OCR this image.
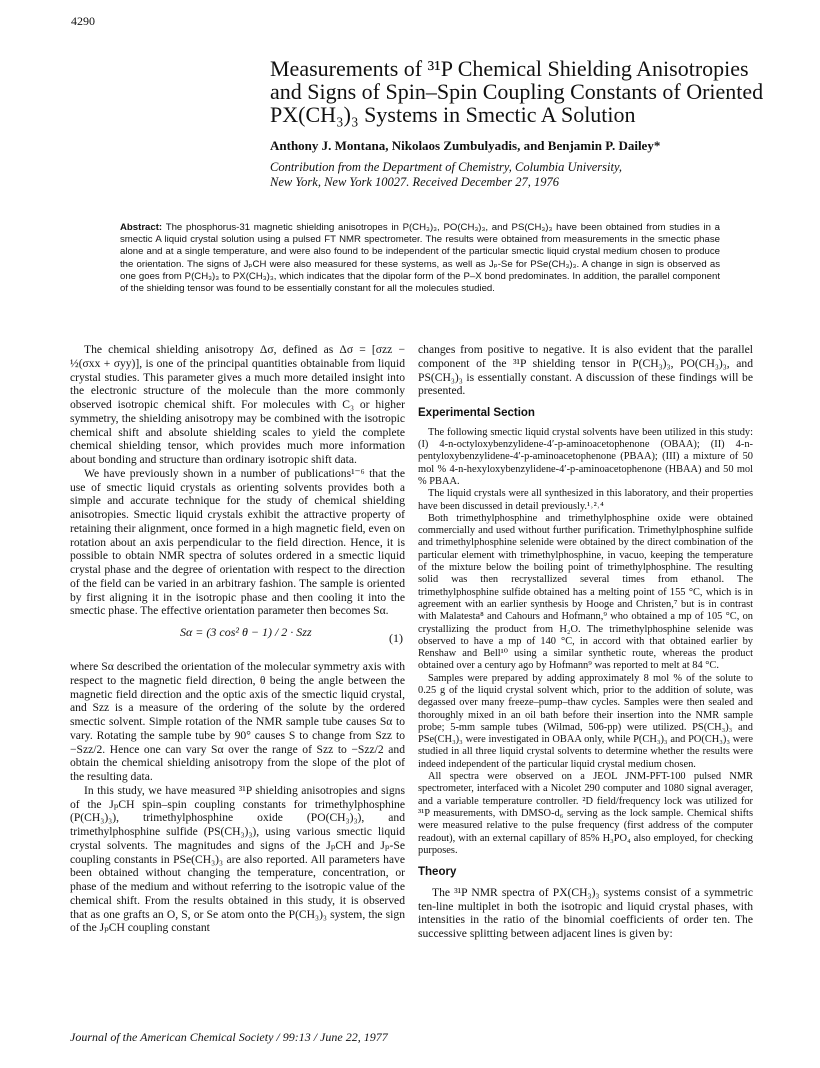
4290
Measurements of ³¹P Chemical Shielding Anisotropies and Signs of Spin–Spin Coupling Constants of Oriented PX(CH₃)₃ Systems in Smectic A Solution
Anthony J. Montana, Nikolaos Zumbulyadis, and Benjamin P. Dailey*
Contribution from the Department of Chemistry, Columbia University,
New York, New York 10027. Received December 27, 1976
Abstract: The phosphorus-31 magnetic shielding anisotropes in P(CH₃)₃, PO(CH₃)₃, and PS(CH₃)₃ have been obtained from studies in a smectic A liquid crystal solution using a pulsed FT NMR spectrometer. The results were obtained from measurements in the smectic phase alone and at a single temperature, and were also found to be independent of the particular smectic liquid crystal medium chosen to produce the orientation. The signs of JₚCH were also measured for these systems, as well as Jₚ-Se for PSe(CH₃)₃. A change in sign is observed as one goes from P(CH₃)₃ to PX(CH₃)₃, which indicates that the dipolar form of the P–X bond predominates. In addition, the parallel component of the shielding tensor was found to be essentially constant for all the molecules studied.

The chemical shielding anisotropy Δσ, defined as Δσ = [σzz − ½(σxx + σyy)], is one of the principal quantities obtainable from liquid crystal studies. This parameter gives a much more detailed insight into the electronic structure of the molecule than the more commonly observed isotropic chemical shift. For molecules with C₃ or higher symmetry, the shielding anisotropy may be combined with the isotropic chemical shift and absolute shielding scales to yield the complete chemical shielding tensor, which provides much more information about bonding and structure than ordinary isotropic shift data.

We have previously shown in a number of publications¹⁻⁶ that the use of smectic liquid crystals as orienting solvents provides both a simple and accurate technique for the study of chemical shielding anisotropies. Smectic liquid crystals exhibit the attractive property of retaining their alignment, once formed in a high magnetic field, even on rotation about an axis perpendicular to the field direction. Hence, it is possible to obtain NMR spectra of solutes ordered in a smectic liquid crystal phase and the degree of orientation with respect to the direction of the field can be varied in an arbitrary fashion. The sample is oriented by first aligning it in the isotropic phase and then cooling it into the smectic phase. The effective orientation parameter then becomes Sα.

Sα = (3 cos² θ − 1) / 2 · Szz	(1)

where Sα described the orientation of the molecular symmetry axis with respect to the magnetic field direction, θ being the angle between the magnetic field direction and the optic axis of the smectic liquid crystal, and Szz is a measure of the ordering of the solute by the ordered smectic solvent. Simple rotation of the NMR sample tube causes Sα to vary. Rotating the sample tube by 90° causes S to change from Szz to −Szz/2. Hence one can vary Sα over the range of Szz to −Szz/2 and obtain the chemical shielding anisotropy from the slope of the plot of the resulting data.

In this study, we have measured ³¹P shielding anisotropies and signs of the JₚCH spin–spin coupling constants for trimethylphosphine (P(CH₃)₃), trimethylphosphine oxide (PO(CH₃)₃), and trimethylphosphine sulfide (PS(CH₃)₃), using various smectic liquid crystal solvents. The magnitudes and signs of the JₚCH and Jₚ-Se coupling constants in PSe(CH₃)₃ are also reported. All parameters have been obtained without changing the temperature, concentration, or phase of the medium and without referring to the isotropic value of the chemical shift. From the results obtained in this study, it is observed that as one grafts an O, S, or Se atom onto the P(CH₃)₃ system, the sign of the JₚCH coupling constant

changes from positive to negative. It is also evident that the parallel component of the ³¹P shielding tensor in P(CH₃)₃, PO(CH₃)₃, and PS(CH₃)₃ is essentially constant. A discussion of these findings will be presented.

Experimental Section

The following smectic liquid crystal solvents have been utilized in this study: (I) 4-n-octyloxybenzylidene-4′-p-aminoacetophenone (OBAA); (II) 4-n-pentyloxybenzylidene-4′-p-aminoacetophenone (PBAA); (III) a mixture of 50 mol % 4-n-hexyloxybenzylidene-4′-p-aminoacetophenone (HBAA) and 50 mol % PBAA.

The liquid crystals were all synthesized in this laboratory, and their properties have been discussed in detail previously.¹˒²˒⁴

Both trimethylphosphine and trimethylphosphine oxide were obtained commercially and used without further purification. Trimethylphosphine sulfide and trimethylphosphine selenide were obtained by the direct combination of the particular element with trimethylphosphine, in vacuo, keeping the temperature of the mixture below the boiling point of trimethylphosphine. The resulting solid was then recrystallized several times from ethanol. The trimethylphosphine sulfide obtained has a melting point of 155 °C, which is in agreement with an earlier synthesis by Hooge and Christen,⁷ but is in contrast with Malatesta⁸ and Cahours and Hofmann,⁹ who obtained a mp of 105 °C, on crystallizing the product from H₂O. The trimethylphosphine selenide was observed to have a mp of 140 °C, in accord with that obtained earlier by Renshaw and Bell¹⁰ using a similar synthetic route, whereas the product obtained over a century ago by Hofmann⁹ was reported to melt at 84 °C.

Samples were prepared by adding approximately 8 mol % of the solute to 0.25 g of the liquid crystal solvent which, prior to the addition of solute, was degassed over many freeze–pump–thaw cycles. Samples were then sealed and thoroughly mixed in an oil bath before their insertion into the NMR sample probe; 5-mm sample tubes (Wilmad, 506-pp) were utilized. PS(CH₃)₃ and PSe(CH₃)₃ were investigated in OBAA only, while P(CH₃)₃ and PO(CH₃)₃ were studied in all three liquid crystal solvents to determine whether the results were indeed independent of the particular liquid crystal medium chosen.

All spectra were observed on a JEOL JNM-PFT-100 pulsed NMR spectrometer, interfaced with a Nicolet 290 computer and 1080 signal averager, and a variable temperature controller. ²D field/frequency lock was utilized for ³¹P measurements, with DMSO-d₆ serving as the lock sample. Chemical shifts were measured relative to the pulse frequency (first address of the computer readout), with an external capillary of 85% H₃PO₄ also employed, for checking purposes.

Theory

The ³¹P NMR spectra of PX(CH₃)₃ systems consist of a symmetric ten-line multiplet in both the isotropic and liquid crystal phases, with intensities in the ratio of the binomial coefficients of order ten. The successive splitting between adjacent lines is given by:

Journal of the American Chemical Society / 99:13 / June 22, 1977
